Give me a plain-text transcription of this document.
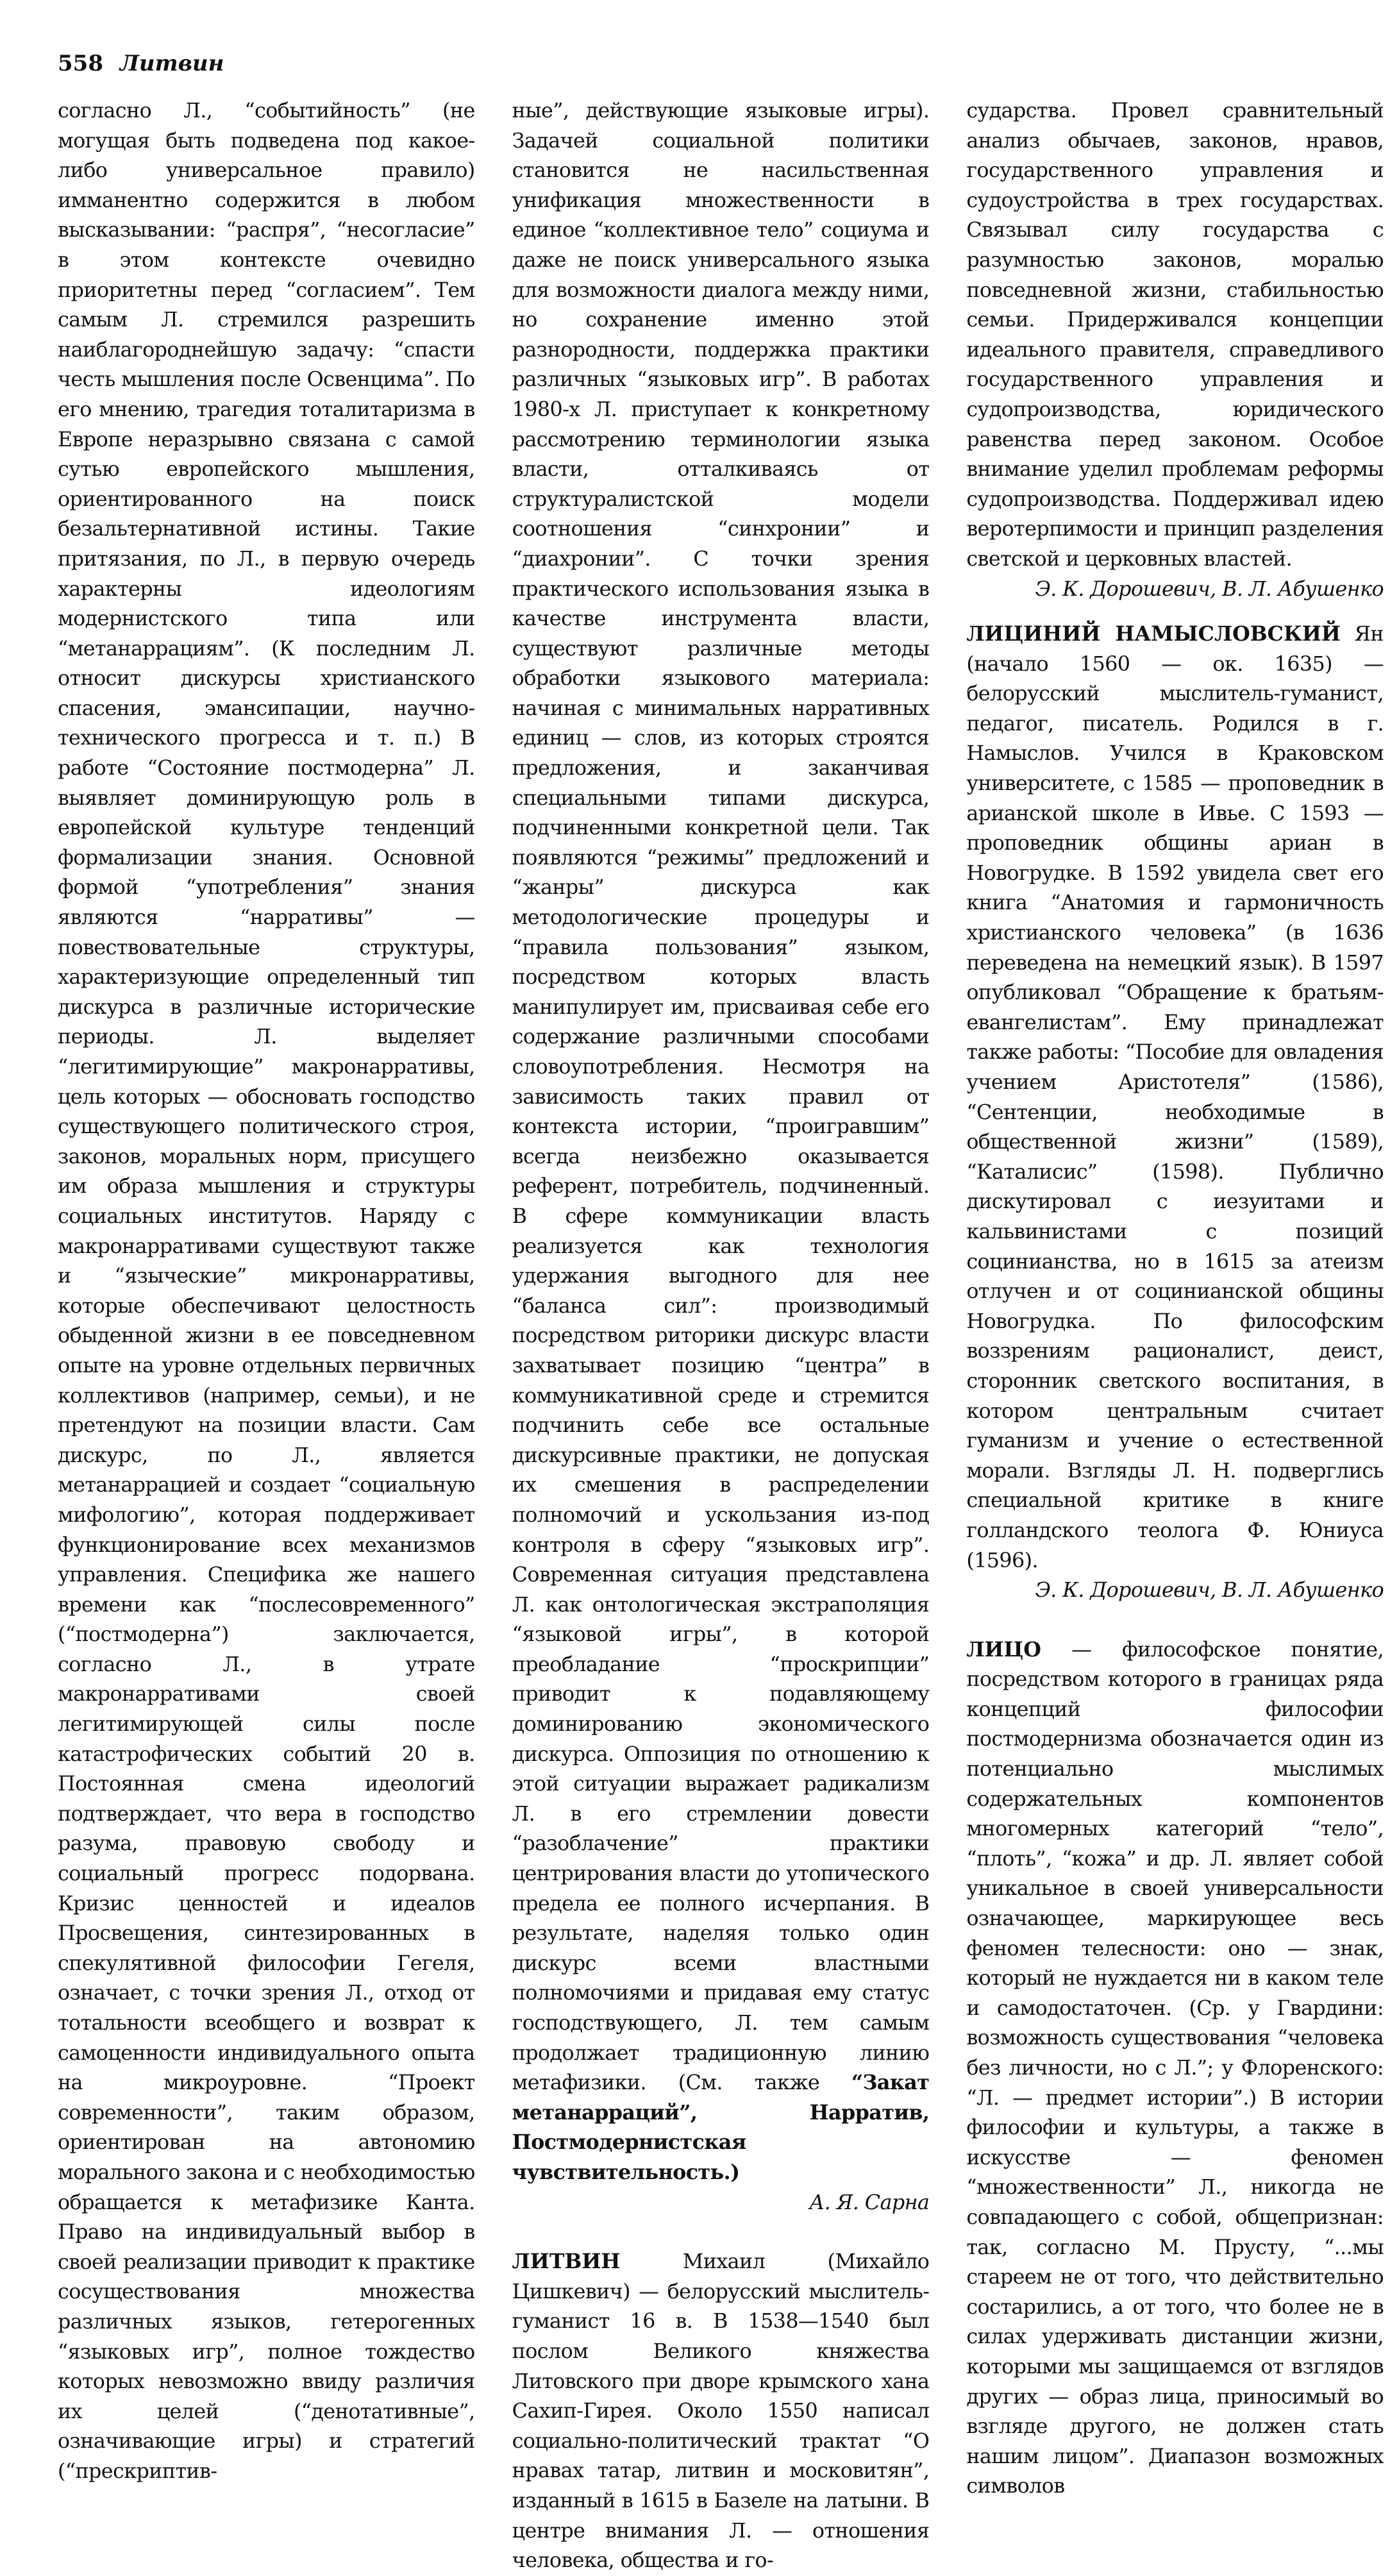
558 Литвин

согласно Л., “событийность” (не могущая быть подведена под какое-либо универсальное правило) имманентно содержится в любом высказывании: “распря”, “несогласие” в этом контексте очевидно приоритетны перед “согласием”. Тем самым Л. стремился разрешить наиблагороднейшую задачу: “спасти честь мышления после Освенцима”. По его мнению, трагедия тоталитаризма в Европе неразрывно связана с самой сутью европейского мышления, ориентированного на поиск безальтернативной истины. Такие притязания, по Л., в первую очередь характерны идеологиям модернистского типа или “метанаррациям”. (К последним Л. относит дискурсы христианского спасения, эмансипации, научно-технического прогресса и т. п.) В работе “Состояние постмодерна” Л. выявляет доминирующую роль в европейской культуре тенденций формализации знания. Основной формой “употребления” знания являются “нарративы” — повествовательные структуры, характеризующие определенный тип дискурса в различные исторические периоды. Л. выделяет “легитимирующие” макронарративы, цель которых — обосновать господство существующего политического строя, законов, моральных норм, присущего им образа мышления и структуры социальных институтов. Наряду с макронарративами существуют также и “языческие” микронарративы, которые обеспечивают целостность обыденной жизни в ее повседневном опыте на уровне отдельных первичных коллективов (например, семьи), и не претендуют на позиции власти. Сам дискурс, по Л., является метанаррацией и создает “социальную мифологию”, которая поддерживает функционирование всех механизмов управления. Специфика же нашего времени как “послесовременного” (“постмодерна”) заключается, согласно Л., в утрате макронарративами своей легитимирующей силы после катастрофических событий 20 в. Постоянная смена идеологий подтверждает, что вера в господство разума, правовую свободу и социальный прогресс подорвана. Кризис ценностей и идеалов Просвещения, синтезированных в спекулятивной философии Гегеля, означает, с точки зрения Л., отход от тотальности всеобщего и возврат к самоценности индивидуального опыта на микроуровне. “Проект современности”, таким образом, ориентирован на автономию морального закона и с необходимостью обращается к метафизике Канта. Право на индивидуальный выбор в своей реализации приводит к практике сосуществования множества различных языков, гетерогенных “языковых игр”, полное тождество которых невозможно ввиду различия их целей (“денотативные”, означивающие игры) и стратегий (“прескриптив-

ные”, действующие языковые игры). Задачей социальной политики становится не насильственная унификация множественности в единое “коллективное тело” социума и даже не поиск универсального языка для возможности диалога между ними, но сохранение именно этой разнородности, поддержка практики различных “языковых игр”. В работах 1980-х Л. приступает к конкретному рассмотрению терминологии языка власти, отталкиваясь от структуралистской модели соотношения “синхронии” и “диахронии”. С точки зрения практического использования языка в качестве инструмента власти, существуют различные методы обработки языкового материала: начиная с минимальных нарративных единиц — слов, из которых строятся предложения, и заканчивая специальными типами дискурса, подчиненными конкретной цели. Так появляются “режимы” предложений и “жанры” дискурса как методологические процедуры и “правила пользования” языком, посредством которых власть манипулирует им, присваивая себе его содержание различными способами словоупотребления. Несмотря на зависимость таких правил от контекста истории, “проигравшим” всегда неизбежно оказывается референт, потребитель, подчиненный. В сфере коммуникации власть реализуется как технология удержания выгодного для нее “баланса сил”: производимый посредством риторики дискурс власти захватывает позицию “центра” в коммуникативной среде и стремится подчинить себе все остальные дискурсивные практики, не допуская их смешения в распределении полномочий и ускользания из-под контроля в сферу “языковых игр”. Современная ситуация представлена Л. как онтологическая экстраполяция “языковой игры”, в которой преобладание “проскрипции” приводит к подавляющему доминированию экономического дискурса. Оппозиция по отношению к этой ситуации выражает радикализм Л. в его стремлении довести “разоблачение” практики центрирования власти до утопического предела ее полного исчерпания. В результате, наделяя только один дискурс всеми властными полномочиями и придавая ему статус господствующего, Л. тем самым продолжает традиционную линию метафизики. (См. также “Закат метанарраций”, Нарратив, Постмодернистская чувствительность.)

А. Я. Сарна

ЛИТВИН Михаил (Михайло Цишкевич) — белорусский мыслитель-гуманист 16 в. В 1538—1540 был послом Великого княжества Литовского при дворе крымского хана Сахип-Гирея. Около 1550 написал социально-политический трактат “О нравах татар, литвин и московитян”, изданный в 1615 в Базеле на латыни. В центре внимания Л. — отношения человека, общества и го-

сударства. Провел сравнительный анализ обычаев, законов, нравов, государственного управления и судоустройства в трех государствах. Связывал силу государства с разумностью законов, моралью повседневной жизни, стабильностью семьи. Придерживался концепции идеального правителя, справедливого государственного управления и судопроизводства, юридического равенства перед законом. Особое внимание уделил проблемам реформы судопроизводства. Поддерживал идею веротерпимости и принцип разделения светской и церковных властей.

Э. К. Дорошевич, В. Л. Абушенко

ЛИЦИНИЙ НАМЫСЛОВСКИЙ Ян (начало 1560 — ок. 1635) — белорусский мыслитель-гуманист, педагог, писатель. Родился в г. Намыслов. Учился в Краковском университете, с 1585 — проповедник в арианской школе в Ивье. С 1593 — проповедник общины ариан в Новогрудке. В 1592 увидела свет его книга “Анатомия и гармоничность христианского человека” (в 1636 переведена на немецкий язык). В 1597 опубликовал “Обращение к братьям-евангелистам”. Ему принадлежат также работы: “Пособие для овладения учением Аристотеля” (1586), “Сентенции, необходимые в общественной жизни” (1589), “Каталисис” (1598). Публично дискутировал с иезуитами и кальвинистами с позиций социнианства, но в 1615 за атеизм отлучен и от социнианской общины Новогрудка. По философским воззрениям рационалист, деист, сторонник светского воспитания, в котором центральным считает гуманизм и учение о естественной морали. Взгляды Л. Н. подверглись специальной критике в книге голландского теолога Ф. Юниуса (1596).

Э. К. Дорошевич, В. Л. Абушенко

ЛИЦО — философское понятие, посредством которого в границах ряда концепций философии постмодернизма обозначается один из потенциально мыслимых содержательных компонентов многомерных категорий “тело”, “плоть”, “кожа” и др. Л. являет собой уникальное в своей универсальности означающее, маркирующее весь феномен телесности: оно — знак, который не нуждается ни в каком теле и самодостаточен. (Ср. у Гвардини: возможность существования “человека без личности, но с Л.”; у Флоренского: “Л. — предмет истории”.) В истории философии и культуры, а также в искусстве — феномен “множественности” Л., никогда не совпадающего с собой, общепризнан: так, согласно М. Прусту, “...мы стареем не от того, что действительно состарились, а от того, что более не в силах удерживать дистанции жизни, которыми мы защищаемся от взглядов других — образ лица, приносимый во взгляде другого, не должен стать нашим лицом”. Диапазон возможных символов
